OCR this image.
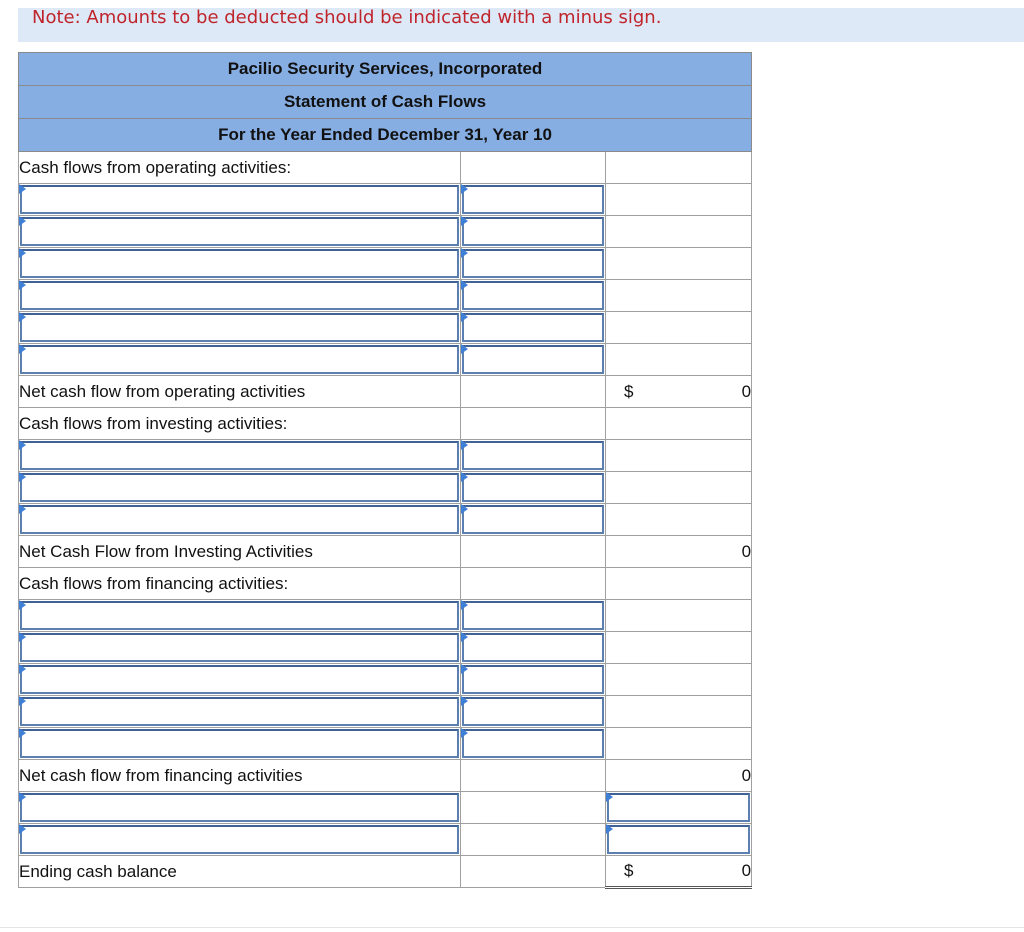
Note: Amounts to be deducted should be indicated with a minus sign.
Pacilio Security Services, Incorporated		
Statement of Cash Flows		
For the Year Ended December 31, Year 10		
Cash flows from operating activities:		

Net cash flow from operating activities		$ 0
Cash flows from investing activities:		

Net Cash Flow from Investing Activities		0
Cash flows from financing activities:		

Net cash flow from financing activities		0

Ending cash balance		$ 0
